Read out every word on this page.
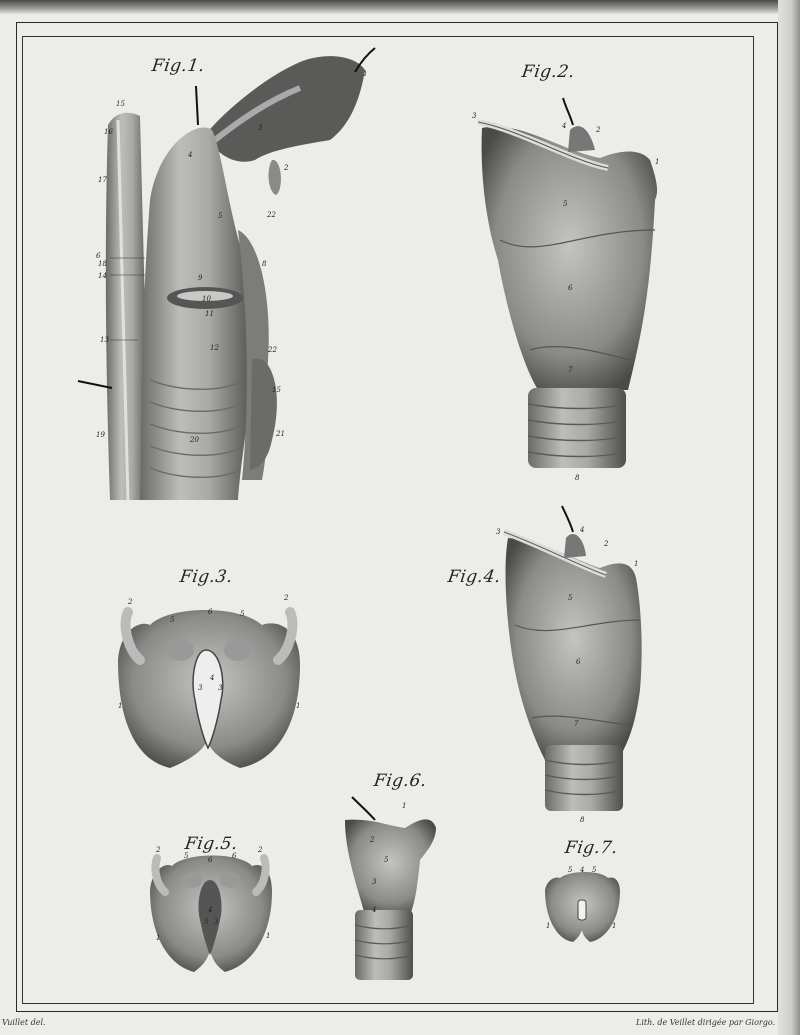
15
16
17
6
18
14
13
19
4
3
2
22
5
9
10
11
12
20
22
15
21
8
1
3
4	2
1
5
6
7
8
2
5
6	5
2
4
3 3
1	1
3	4
2
1
5
6
7
8
2
5	6	6
2
4
5 3
1	1
1
2
3
4
5
5 4 5
1	1
Fig.1.	Fig.2.
Fig.3.	Fig.4.
Fig.5.
Fig.6.
Fig.7.
Vuillet del.	Lith. de Veillet dirigée par Giorgo.
